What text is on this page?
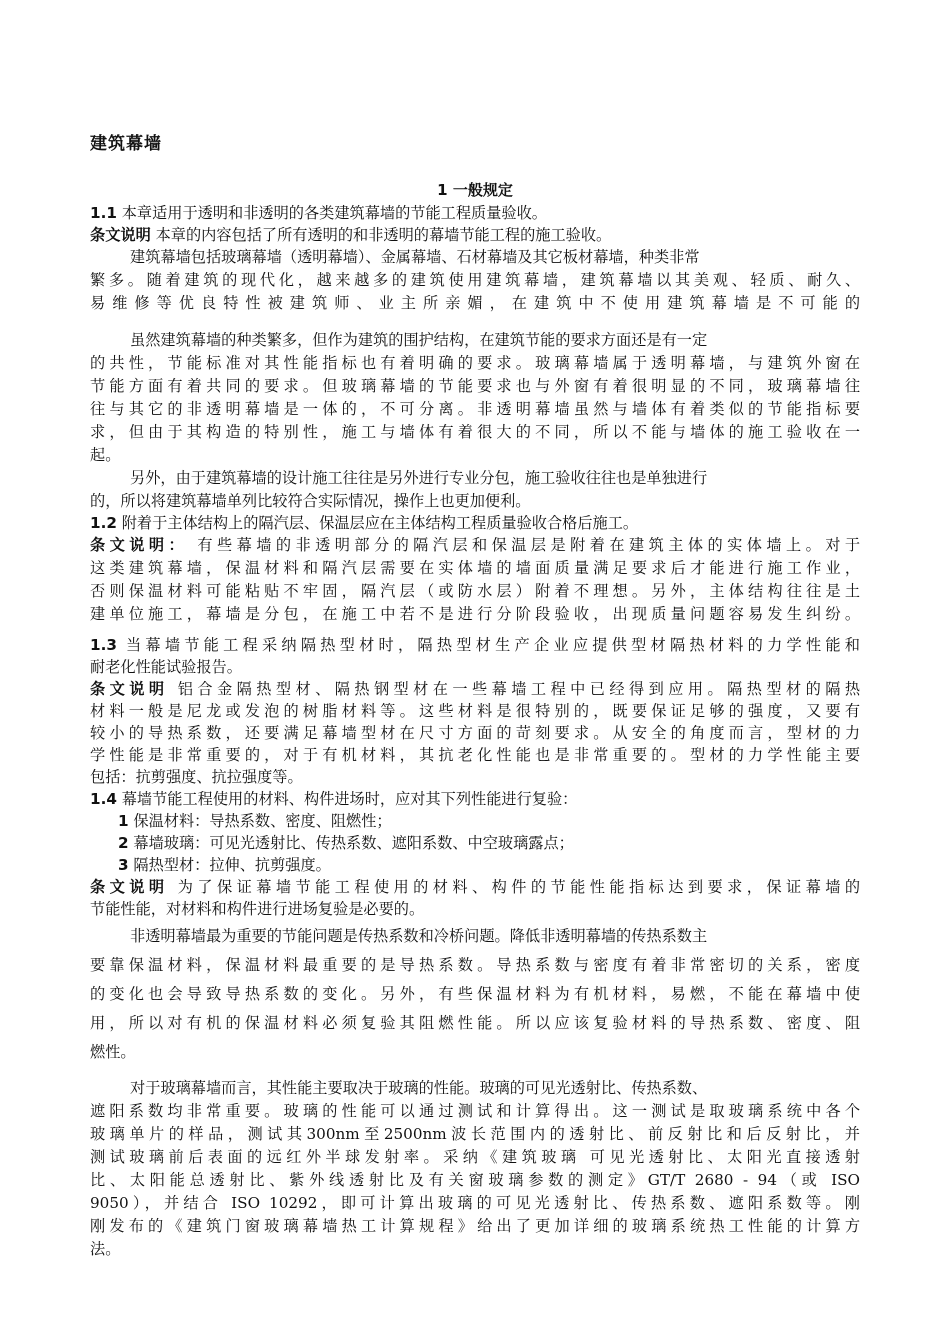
建筑幕墙
1 一般规定
1.1 本章适用于透明和非透明的各类建筑幕墙的节能工程质量验收。
条文说明 本章的内容包括了所有透明的和非透明的幕墙节能工程的施工验收。
建筑幕墙包括玻璃幕墙（透明幕墙）、金属幕墙、石材幕墙及其它板材幕墙，种类非常
繁多。随着建筑的现代化，越来越多的建筑使用建筑幕墙，建筑幕墙以其美观、轻质、耐久、
易维修等优良特性被建筑师、业主所亲媚，在建筑中不使用建筑幕墙是不可能的
虽然建筑幕墙的种类繁多，但作为建筑的围护结构，在建筑节能的要求方面还是有一定
的共性，节能标准对其性能指标也有着明确的要求。玻璃幕墙属于透明幕墙，与建筑外窗在
节能方面有着共同的要求。但玻璃幕墙的节能要求也与外窗有着很明显的不同，玻璃幕墙往
往与其它的非透明幕墙是一体的，不可分离。非透明幕墙虽然与墙体有着类似的节能指标要
求，但由于其构造的特别性，施工与墙体有着很大的不同，所以不能与墙体的施工验收在一
起。
另外，由于建筑幕墙的设计施工往往是另外进行专业分包，施工验收往往也是单独进行
的，所以将建筑幕墙单列比较符合实际情况，操作上也更加便利。
1.2 附着于主体结构上的隔汽层、保温层应在主体结构工程质量验收合格后施工。
条文说明： 有些幕墙的非透明部分的隔汽层和保温层是附着在建筑主体的实体墙上。对于
这类建筑幕墙，保温材料和隔汽层需要在实体墙的墙面质量满足要求后才能进行施工作业，
否则保温材料可能粘贴不牢固，隔汽层（或防水层）附着不理想。另外，主体结构往往是土
建单位施工，幕墙是分包，在施工中若不是进行分阶段验收，出现质量问题容易发生纠纷。
1.3 当幕墙节能工程采纳隔热型材时，隔热型材生产企业应提供型材隔热材料的力学性能和
耐老化性能试验报告。
条文说明 铝合金隔热型材、隔热钢型材在一些幕墙工程中已经得到应用。隔热型材的隔热
材料一般是尼龙或发泡的树脂材料等。这些材料是很特别的，既要保证足够的强度，又要有
较小的导热系数，还要满足幕墙型材在尺寸方面的苛刻要求。从安全的角度而言，型材的力
学性能是非常重要的，对于有机材料，其抗老化性能也是非常重要的。型材的力学性能主要
包括：抗剪强度、抗拉强度等。
1.4 幕墙节能工程使用的材料、构件进场时，应对其下列性能进行复验：
1 保温材料：导热系数、密度、阻燃性；
2 幕墙玻璃：可见光透射比、传热系数、遮阳系数、中空玻璃露点；
3 隔热型材：拉伸、抗剪强度。
条文说明 为了保证幕墙节能工程使用的材料、构件的节能性能指标达到要求，保证幕墙的
节能性能，对材料和构件进行进场复验是必要的。
非透明幕墙最为重要的节能问题是传热系数和冷桥问题。降低非透明幕墙的传热系数主
要靠保温材料，保温材料最重要的是导热系数。导热系数与密度有着非常密切的关系，密度
的变化也会导致导热系数的变化。另外，有些保温材料为有机材料，易燃，不能在幕墙中使
用，所以对有机的保温材料必须复验其阻燃性能。所以应该复验材料的导热系数、密度、阻
燃性。
对于玻璃幕墙而言，其性能主要取决于玻璃的性能。玻璃的可见光透射比、传热系数、
遮阳系数均非常重要。玻璃的性能可以通过测试和计算得出。这一测试是取玻璃系统中各个
玻璃单片的样品，测试其300nm至2500nm波长范围内的透射比、前反射比和后反射比，并
测试玻璃前后表面的远红外半球发射率。采纳《建筑玻璃 可见光透射比、太阳光直接透射
比、太阳能总透射比、紫外线透射比及有关窗玻璃参数的测定》GT/T 2680 - 94（或 ISO
9050），并结合 ISO 10292，即可计算出玻璃的可见光透射比、传热系数、遮阳系数等。刚
刚发布的《建筑门窗玻璃幕墙热工计算规程》给出了更加详细的玻璃系统热工性能的计算方
法。
